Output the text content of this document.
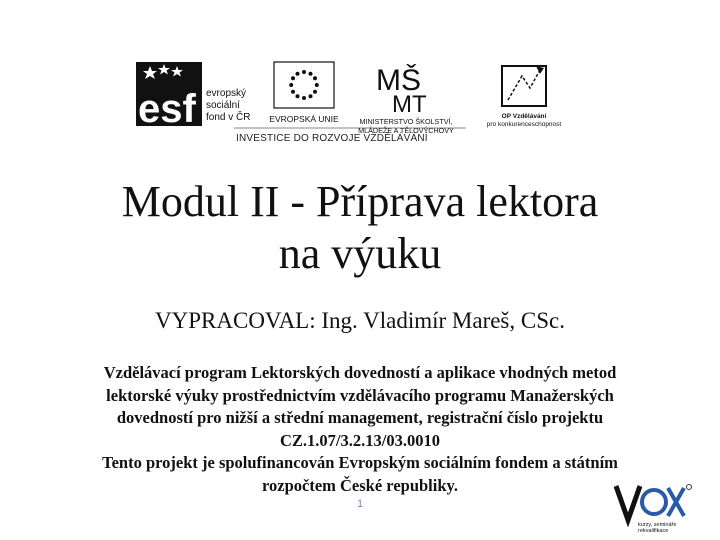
esf evropský
sociální
fond v ČR EVROPSKÁ UNIE
MŠ
MT
MINISTERSTVO ŠKOLSTVÍ,
MLÁDEŽE A TĚLOVÝCHOVY
OP Vzdělávání
pro konkurenceschopnost
INVESTICE DO ROZVOJE VZDĚLÁVÁNÍ
Modul II - Příprava lektora
na výuku
VYPRACOVAL: Ing. Vladimír Mareš, CSc.
Vzdělávací program Lektorských dovedností a aplikace vhodných metod
lektorské výuky prostřednictvím vzdělávacího programu Manažerských
dovedností pro nižší a střední management, registrační číslo projektu
CZ.1.07/3.2.13/03.0010
Tento projekt je spolufinancován Evropským sociálním fondem a státním
rozpočtem České republiky.
1
kurzy, semináře
rekvalifikace
